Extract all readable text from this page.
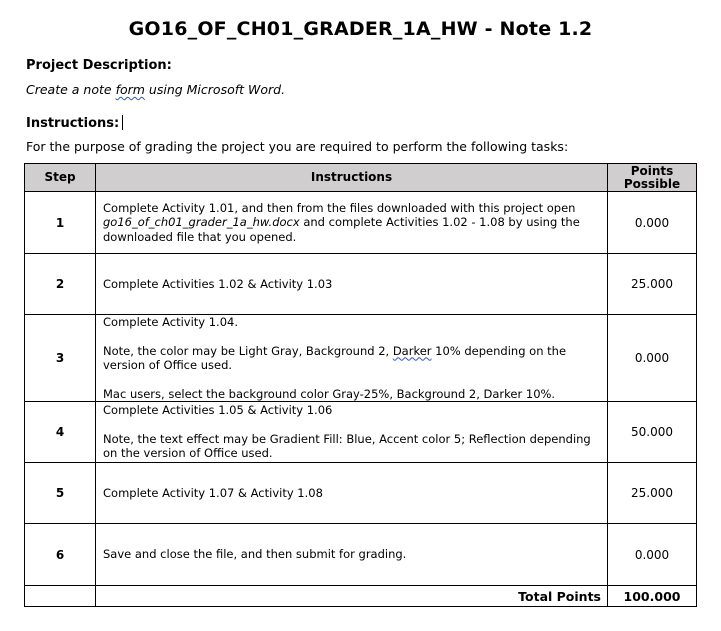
GO16_OF_CH01_GRADER_1A_HW - Note 1.2
Project Description:
Create a note form using Microsoft Word.
Instructions:
For the purpose of grading the project you are required to perform the following tasks:
Step	Instructions	Points Possible
1	Complete Activity 1.01, and then from the files downloaded with this project open go16_of_ch01_grader_1a_hw.docx and complete Activities 1.02 - 1.08 by using the downloaded file that you opened.	0.000
2	Complete Activities 1.02 & Activity 1.03	25.000
3	Complete Activity 1.04.

Note, the color may be Light Gray, Background 2, Darker 10% depending on the version of Office used.

Mac users, select the background color Gray-25%, Background 2, Darker 10%.	0.000
4	Complete Activities 1.05 & Activity 1.06

Note, the text effect may be Gradient Fill: Blue, Accent color 5; Reflection depending on the version of Office used.	50.000
5	Complete Activity 1.07 & Activity 1.08	25.000
6	Save and close the file, and then submit for grading.	0.000
	Total Points	100.000
